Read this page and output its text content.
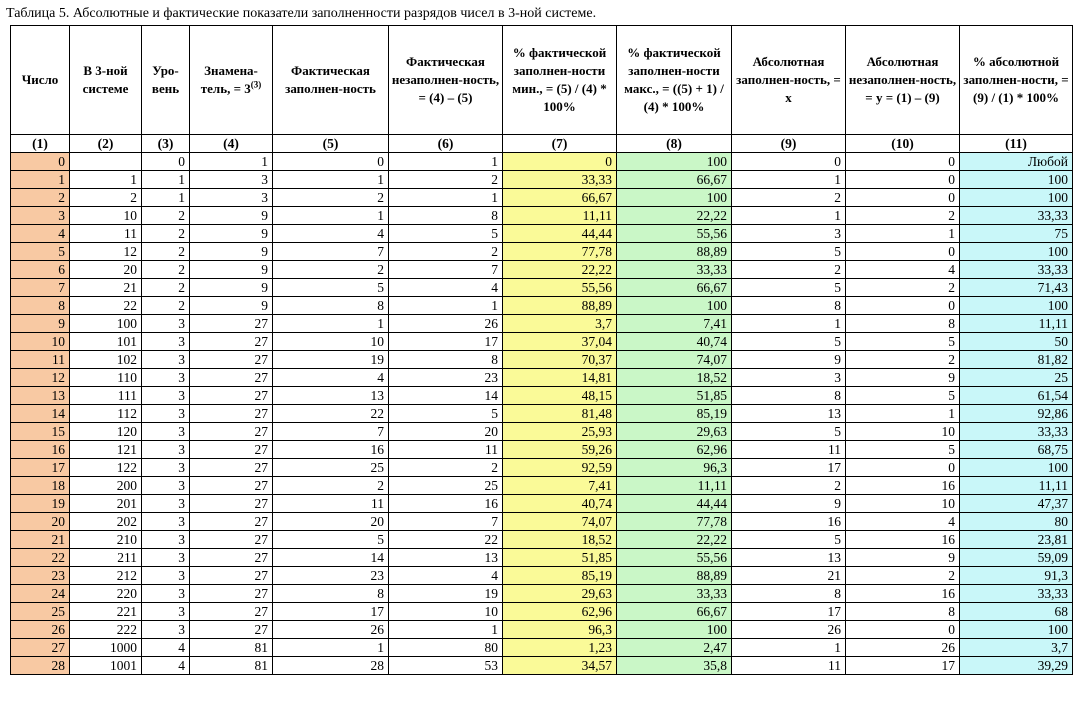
Таблица 5. Абсолютные и фактические показатели заполненности разрядов чисел в 3-ной системе.
Число	В 3-ной системе	Уро-вень	Знамена-тель, = $3^{(3)}$	Фактическая заполнен-ность	Фактическая незаполнен-ность, = (4) – (5)	% фактической заполнен-ности мин., = (5) / (4) * 100%	% фактической заполнен-ности макс., = ((5) + 1) / (4) * 100%	Абсолютная заполнен-ность, = x	Абсолютная незаполнен-ность, = y = (1) – (9)	% абсолютной заполнен-ности, = (9) / (1) * 100%
(1)	(2)	(3)	(4)	(5)	(6)	(7)	(8)	(9)	(10)	(11)
0		0	1	0	1	0	100	0	0	Любой
1	1	1	3	1	2	33,33	66,67	1	0	100
2	2	1	3	2	1	66,67	100	2	0	100
3	10	2	9	1	8	11,11	22,22	1	2	33,33
4	11	2	9	4	5	44,44	55,56	3	1	75
5	12	2	9	7	2	77,78	88,89	5	0	100
6	20	2	9	2	7	22,22	33,33	2	4	33,33
7	21	2	9	5	4	55,56	66,67	5	2	71,43
8	22	2	9	8	1	88,89	100	8	0	100
9	100	3	27	1	26	3,7	7,41	1	8	11,11
10	101	3	27	10	17	37,04	40,74	5	5	50
11	102	3	27	19	8	70,37	74,07	9	2	81,82
12	110	3	27	4	23	14,81	18,52	3	9	25
13	111	3	27	13	14	48,15	51,85	8	5	61,54
14	112	3	27	22	5	81,48	85,19	13	1	92,86
15	120	3	27	7	20	25,93	29,63	5	10	33,33
16	121	3	27	16	11	59,26	62,96	11	5	68,75
17	122	3	27	25	2	92,59	96,3	17	0	100
18	200	3	27	2	25	7,41	11,11	2	16	11,11
19	201	3	27	11	16	40,74	44,44	9	10	47,37
20	202	3	27	20	7	74,07	77,78	16	4	80
21	210	3	27	5	22	18,52	22,22	5	16	23,81
22	211	3	27	14	13	51,85	55,56	13	9	59,09
23	212	3	27	23	4	85,19	88,89	21	2	91,3
24	220	3	27	8	19	29,63	33,33	8	16	33,33
25	221	3	27	17	10	62,96	66,67	17	8	68
26	222	3	27	26	1	96,3	100	26	0	100
27	1000	4	81	1	80	1,23	2,47	1	26	3,7
28	1001	4	81	28	53	34,57	35,8	11	17	39,29
